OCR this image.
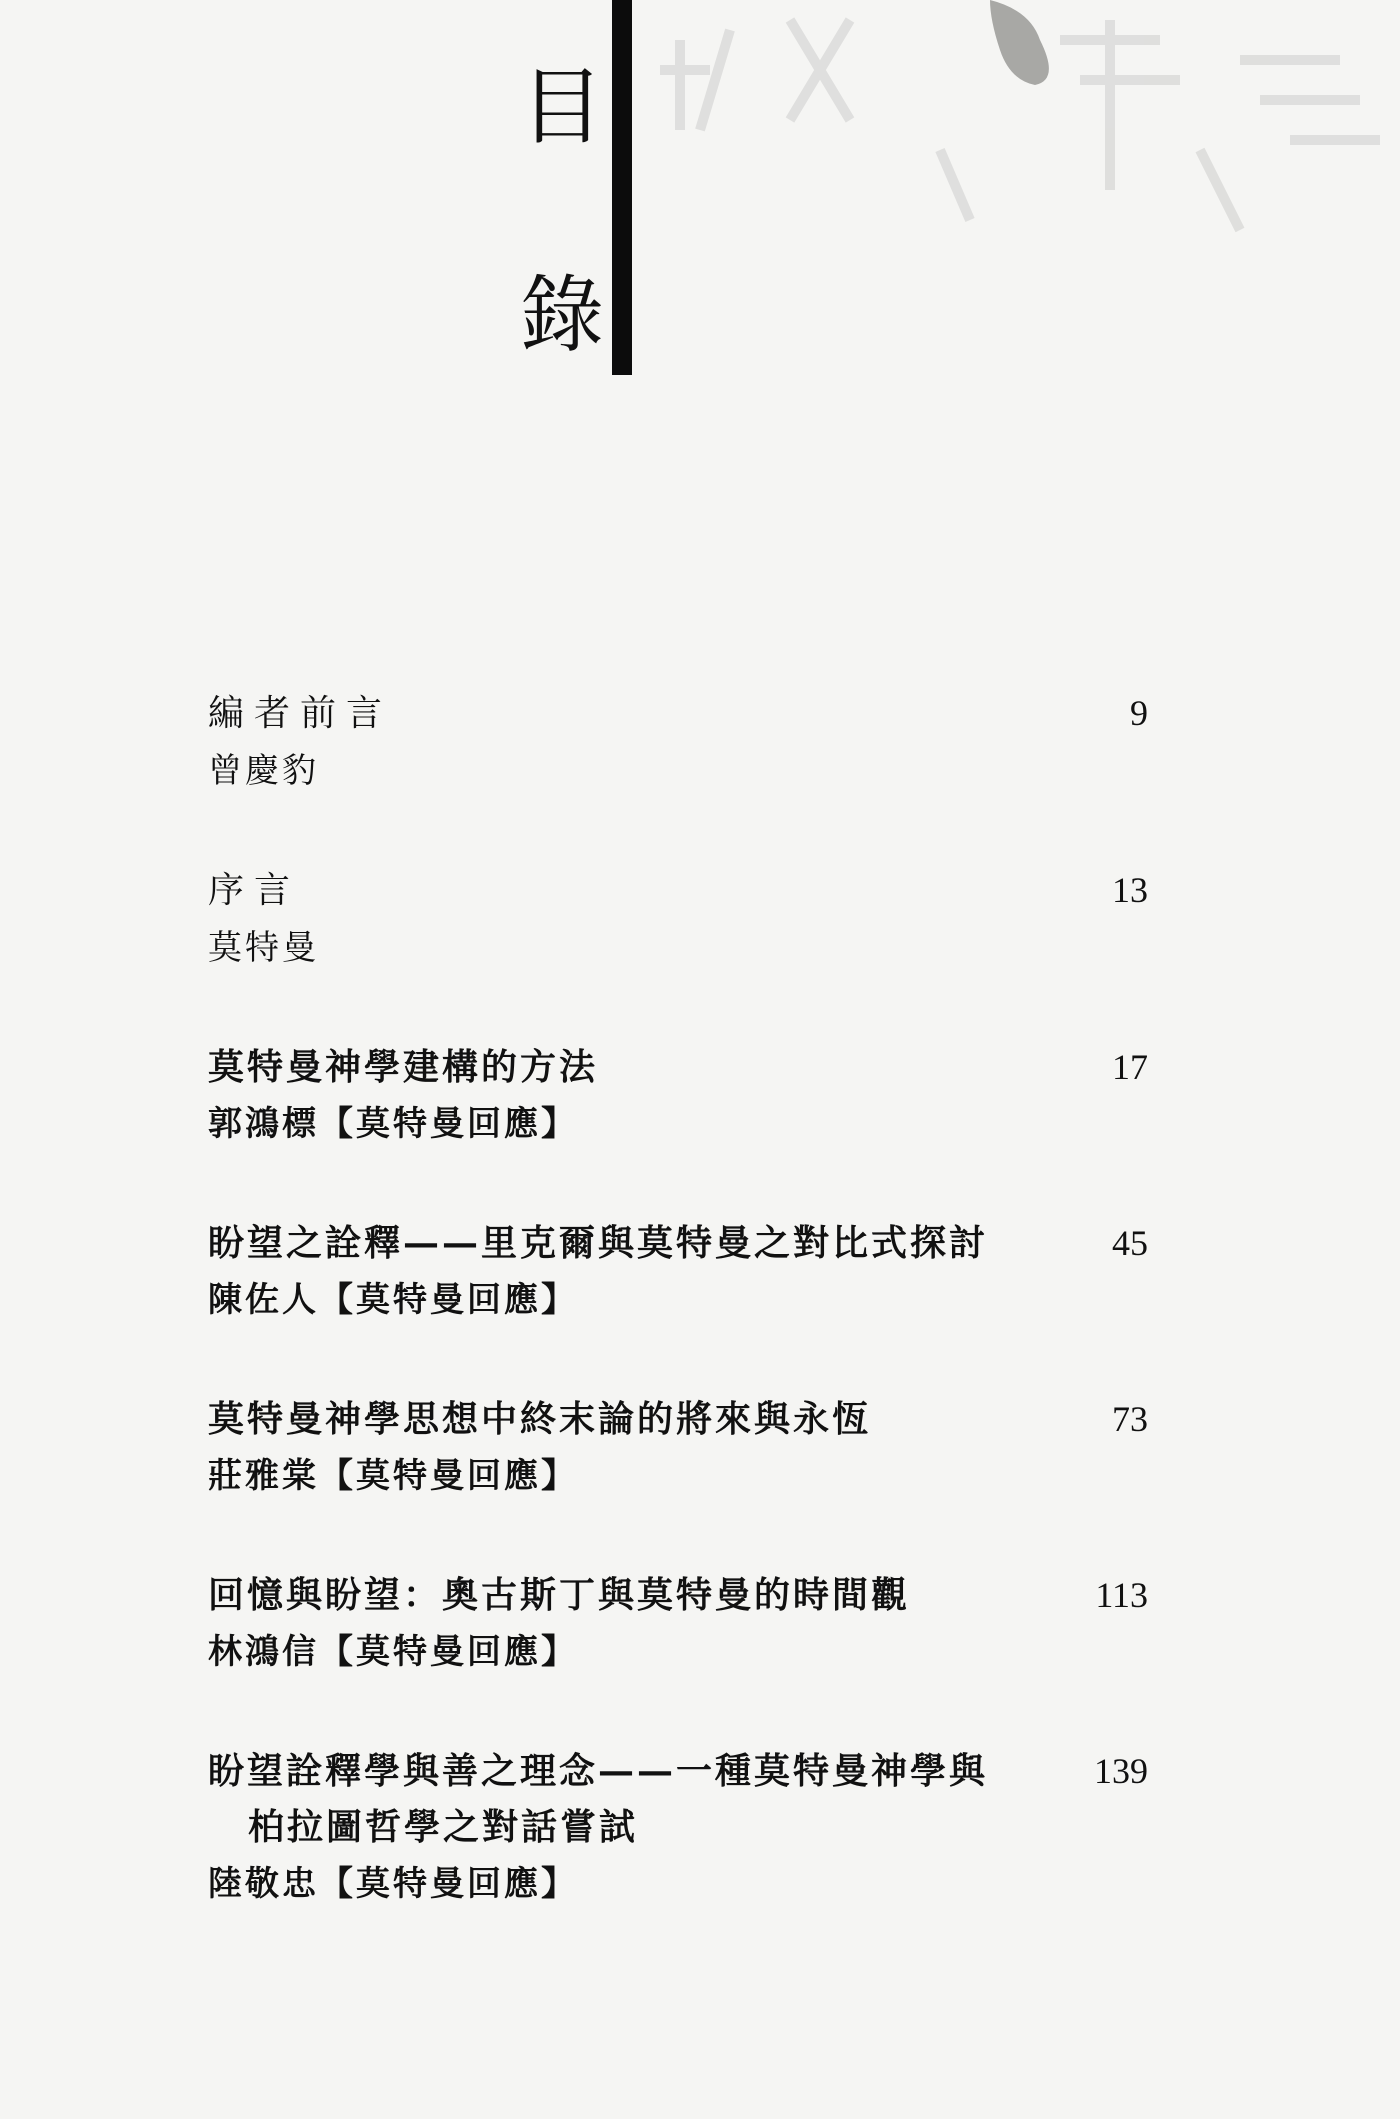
目
錄
編者前言	9
曾慶豹
序言	13
莫特曼
莫特曼神學建構的方法	17
郭鴻標【莫特曼回應】
盼望之詮釋——里克爾與莫特曼之對比式探討	45
陳佐人【莫特曼回應】
莫特曼神學思想中終末論的將來與永恆	73
莊雅棠【莫特曼回應】
回憶與盼望：奧古斯丁與莫特曼的時間觀	113
林鴻信【莫特曼回應】
盼望詮釋學與善之理念——一種莫特曼神學與	139
柏拉圖哲學之對話嘗試
陸敬忠【莫特曼回應】
